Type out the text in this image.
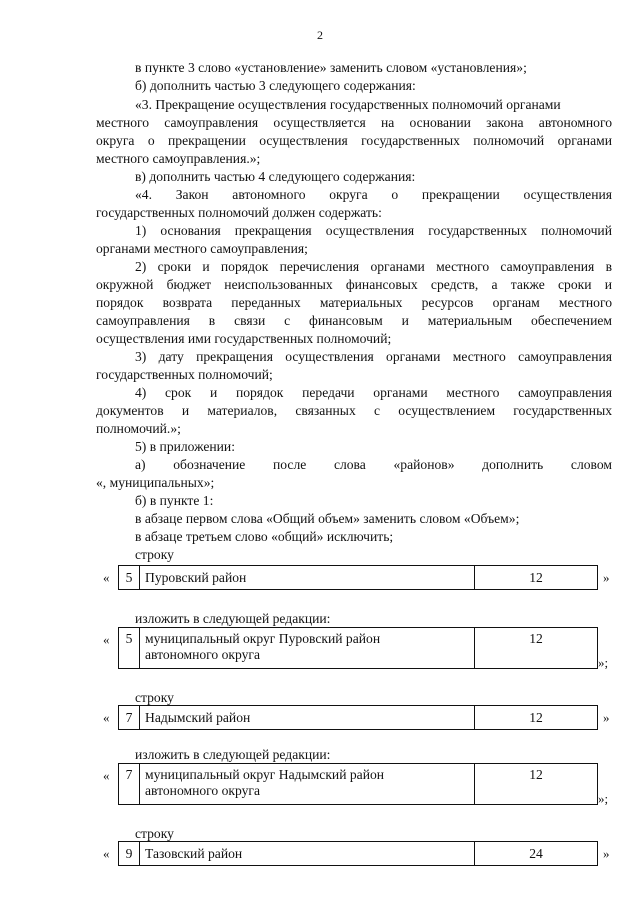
2
в пункте 3 слово «установление» заменить словом «установления»;
б) дополнить частью 3 следующего содержания:
«3. Прекращение осуществления государственных полномочий органами
местного самоуправления осуществляется на основании закона автономного
округа о прекращении осуществления государственных полномочий органами
местного самоуправления.»;
в) дополнить частью 4 следующего содержания:
«4. Закон автономного округа о прекращении осуществления
государственных полномочий должен содержать:
1) основания прекращения осуществления государственных полномочий
органами местного самоуправления;
2) сроки и порядок перечисления органами местного самоуправления в
окружной бюджет неиспользованных финансовых средств, а также сроки и
порядок возврата переданных материальных ресурсов органам местного
самоуправления в связи с финансовым и материальным обеспечением
осуществления ими государственных полномочий;
3) дату прекращения осуществления органами местного самоуправления
государственных полномочий;
4) срок и порядок передачи органами местного самоуправления
документов и материалов, связанных с осуществлением государственных
полномочий.»;
5) в приложении:
а) обозначение после слова «районов» дополнить словом
«, муниципальных»;
б) в пункте 1:
в абзаце первом слова «Общий объем» заменить словом «Объем»;
в абзаце третьем слово «общий» исключить;
строку
«	5 Пуровский район	12	»
изложить в следующей редакции:
«	5 муниципальный округ Пуровский район
автономного округа
12
»;
строку
«	7 Надымский район	12	»
изложить в следующей редакции:
«	7 муниципальный округ Надымский район
автономного округа
12
»;
строку
«	9 Тазовский район	24	»
